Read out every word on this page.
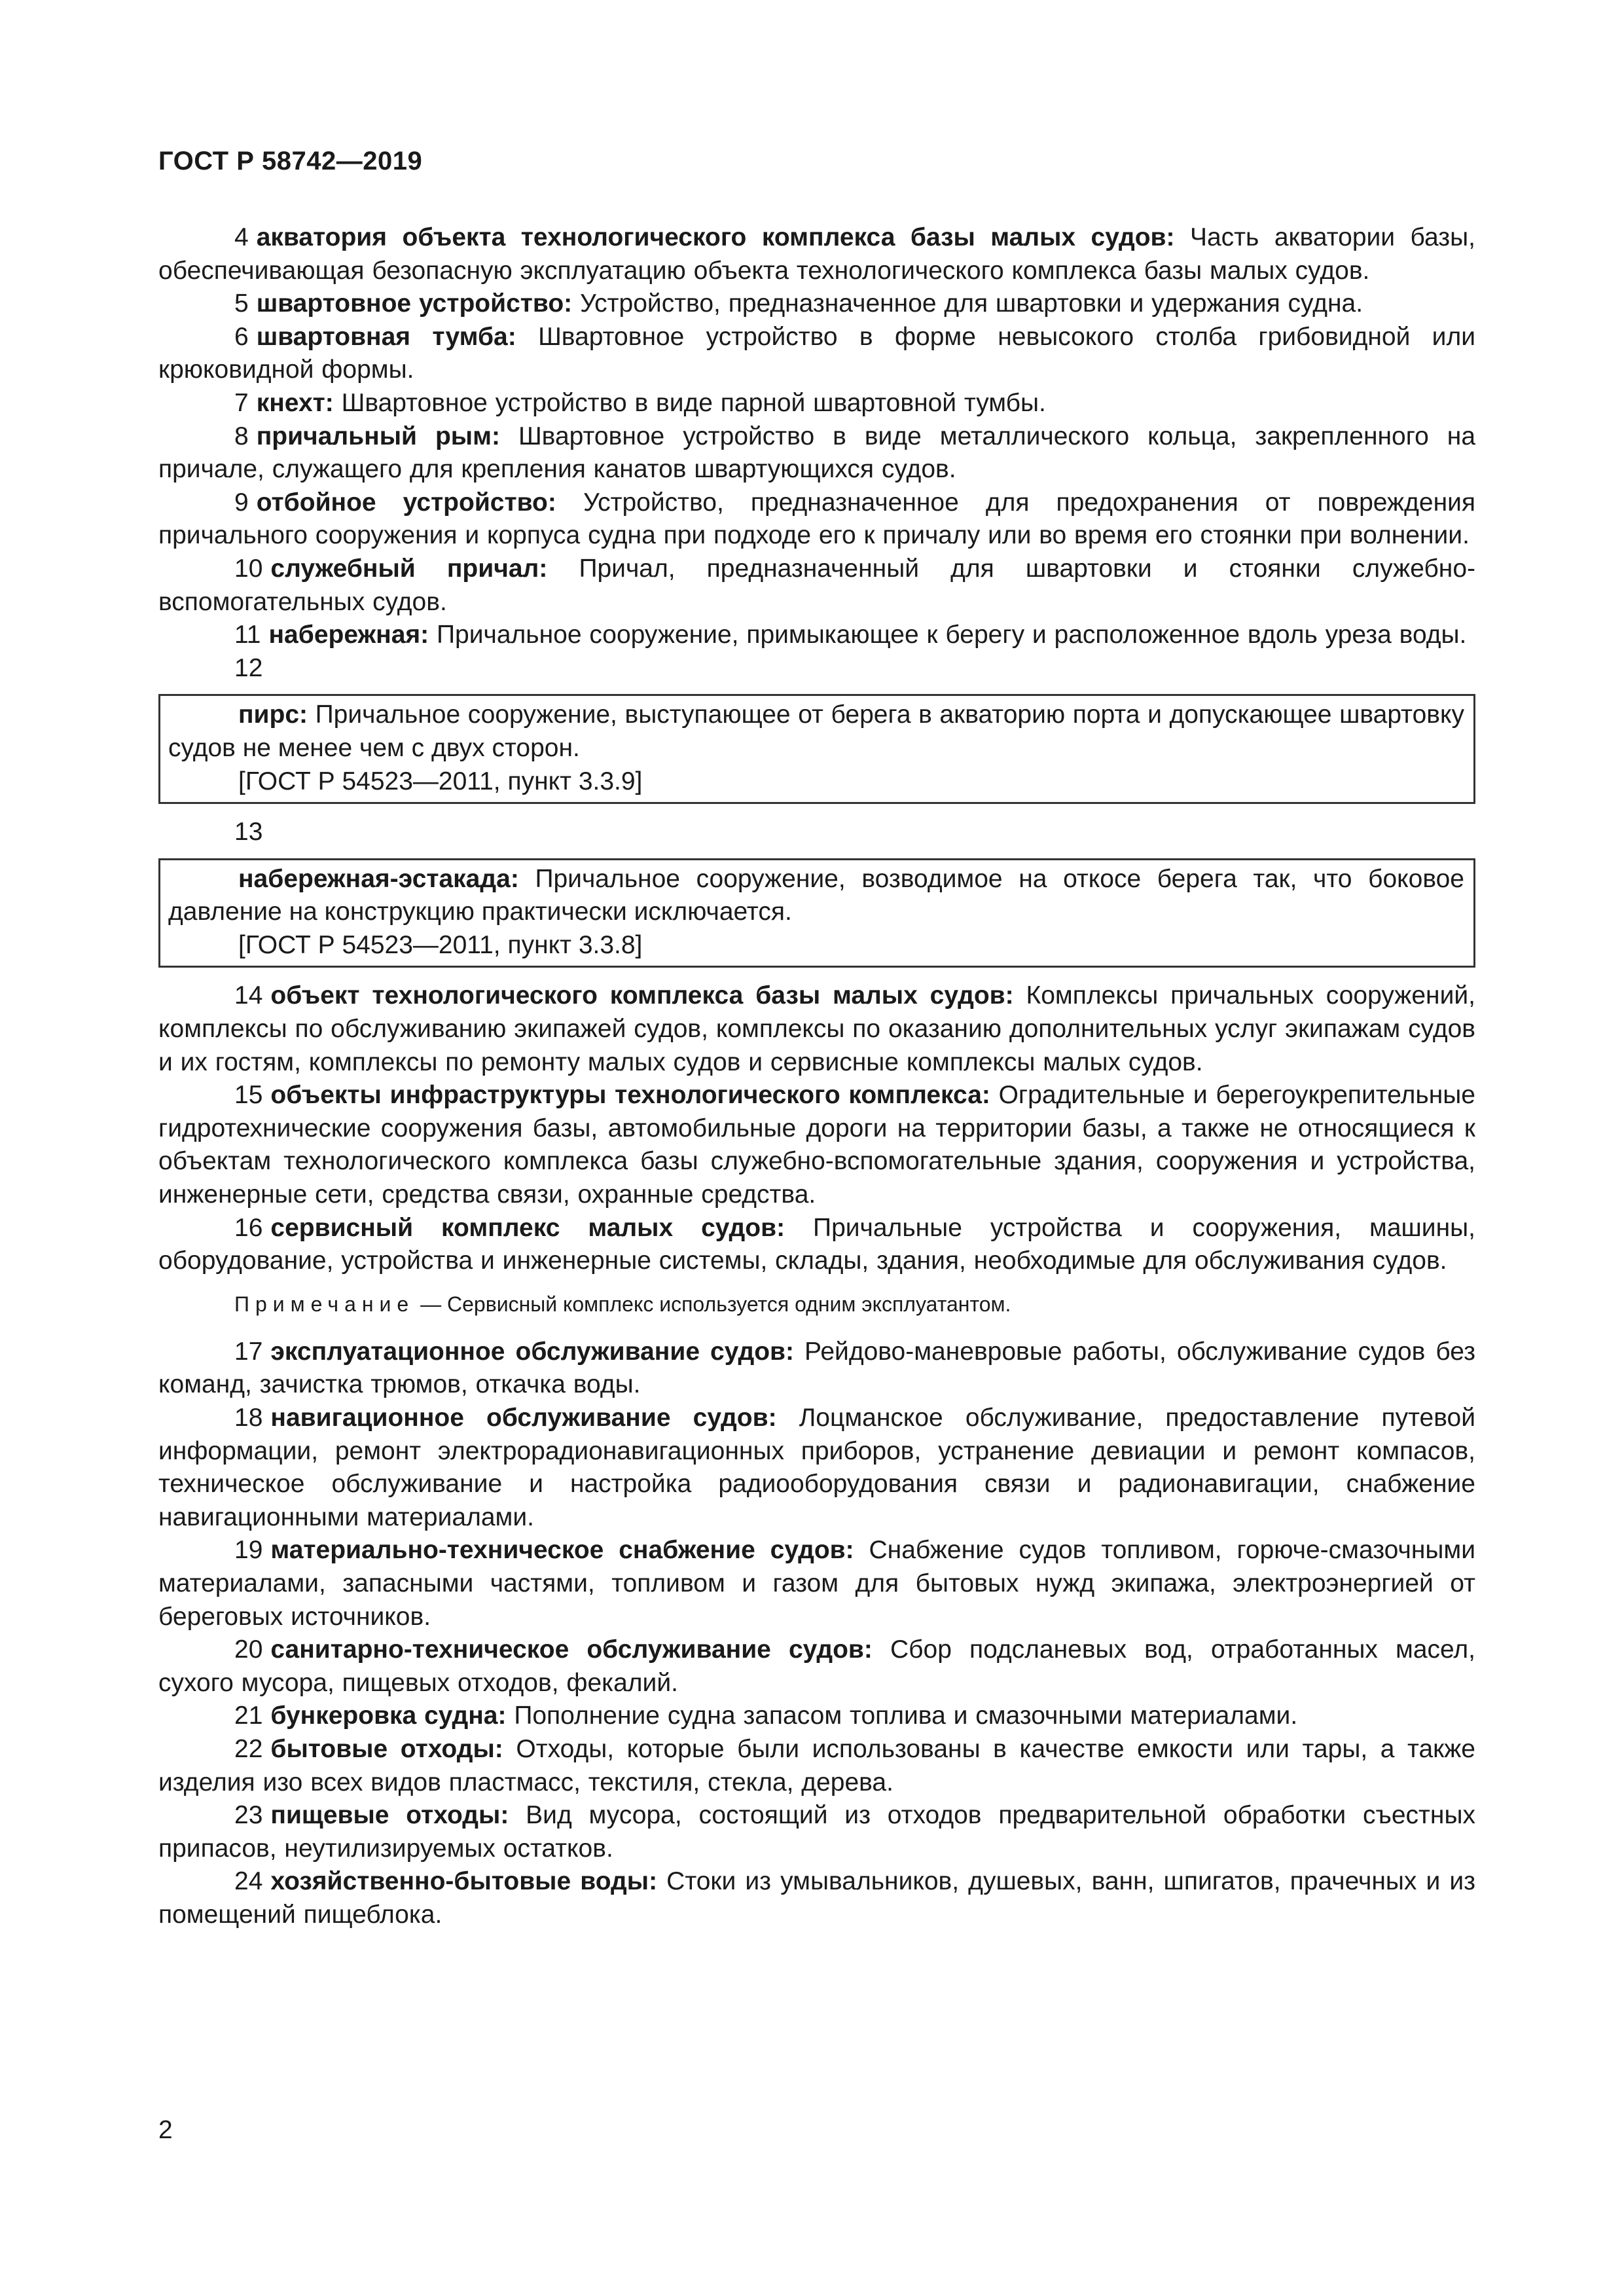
ГОСТ Р 58742—2019

4 акватория объекта технологического комплекса базы малых судов: Часть акватории базы, обеспечивающая безопасную эксплуатацию объекта технологического комплекса базы малых судов.

5 швартовное устройство: Устройство, предназначенное для швартовки и удержания судна.

6 швартовная тумба: Швартовное устройство в форме невысокого столба грибовидной или крюковидной формы.

7 кнехт: Швартовное устройство в виде парной швартовной тумбы.

8 причальный рым: Швартовное устройство в виде металлического кольца, закрепленного на причале, служащего для крепления канатов швартующихся судов.

9 отбойное устройство: Устройство, предназначенное для предохранения от повреждения причального сооружения и корпуса судна при подходе его к причалу или во время его стоянки при волнении.

10 служебный причал: Причал, предназначенный для швартовки и стоянки служебно-вспомогательных судов.

11 набережная: Причальное сооружение, примыкающее к берегу и расположенное вдоль уреза воды.

12

пирс: Причальное сооружение, выступающее от берега в акваторию порта и допускающее швартовку судов не менее чем с двух сторон.

[ГОСТ Р 54523—2011, пункт 3.3.9]

13

набережная-эстакада: Причальное сооружение, возводимое на откосе берега так, что боковое давление на конструкцию практически исключается.

[ГОСТ Р 54523—2011, пункт 3.3.8]

14 объект технологического комплекса базы малых судов: Комплексы причальных сооружений, комплексы по обслуживанию экипажей судов, комплексы по оказанию дополнительных услуг экипажам судов и их гостям, комплексы по ремонту малых судов и сервисные комплексы малых судов.

15 объекты инфраструктуры технологического комплекса: Оградительные и берегоукрепительные гидротехнические сооружения базы, автомобильные дороги на территории базы, а также не относящиеся к объектам технологического комплекса базы служебно-вспомогательные здания, сооружения и устройства, инженерные сети, средства связи, охранные средства.

16 сервисный комплекс малых судов: Причальные устройства и сооружения, машины, оборудование, устройства и инженерные системы, склады, здания, необходимые для обслуживания судов.

Примечание — Сервисный комплекс используется одним эксплуатантом.

17 эксплуатационное обслуживание судов: Рейдово-маневровые работы, обслуживание судов без команд, зачистка трюмов, откачка воды.

18 навигационное обслуживание судов: Лоцманское обслуживание, предоставление путевой информации, ремонт электрорадионавигационных приборов, устранение девиации и ремонт компасов, техническое обслуживание и настройка радиооборудования связи и радионавигации, снабжение навигационными материалами.

19 материально-техническое снабжение судов: Снабжение судов топливом, горюче-смазочными материалами, запасными частями, топливом и газом для бытовых нужд экипажа, электроэнергией от береговых источников.

20 санитарно-техническое обслуживание судов: Сбор подсланевых вод, отработанных масел, сухого мусора, пищевых отходов, фекалий.

21 бункеровка судна: Пополнение судна запасом топлива и смазочными материалами.

22 бытовые отходы: Отходы, которые были использованы в качестве емкости или тары, а также изделия изо всех видов пластмасс, текстиля, стекла, дерева.

23 пищевые отходы: Вид мусора, состоящий из отходов предварительной обработки съестных припасов, неутилизируемых остатков.

24 хозяйственно-бытовые воды: Стоки из умывальников, душевых, ванн, шпигатов, прачечных и из помещений пищеблока.

2
